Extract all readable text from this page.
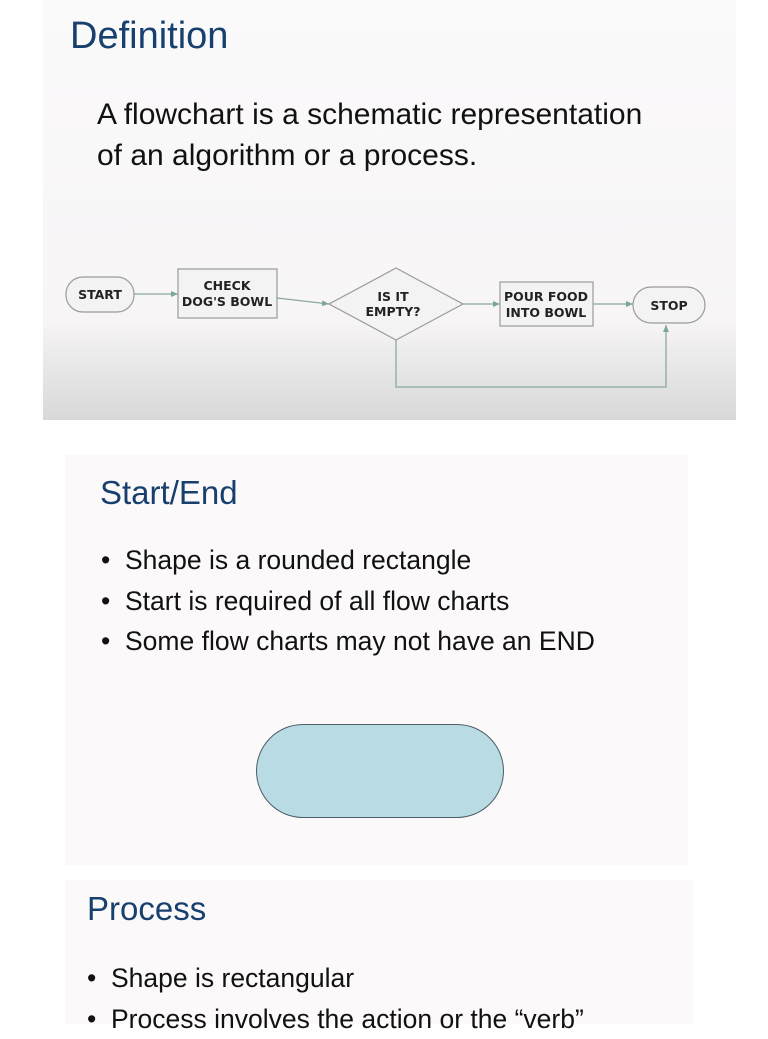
Definition
A flowchart is a schematic representation
of an algorithm or a process.
START
CHECK
DOG'S BOWL	IS IT
EMPTY?
POUR FOOD
INTO BOWL	STOP
Start/End
• Shape is a rounded rectangle
• Start is required of all flow charts
• Some flow charts may not have an END
Process
• Shape is rectangular
• Process involves the action or the “verb”
